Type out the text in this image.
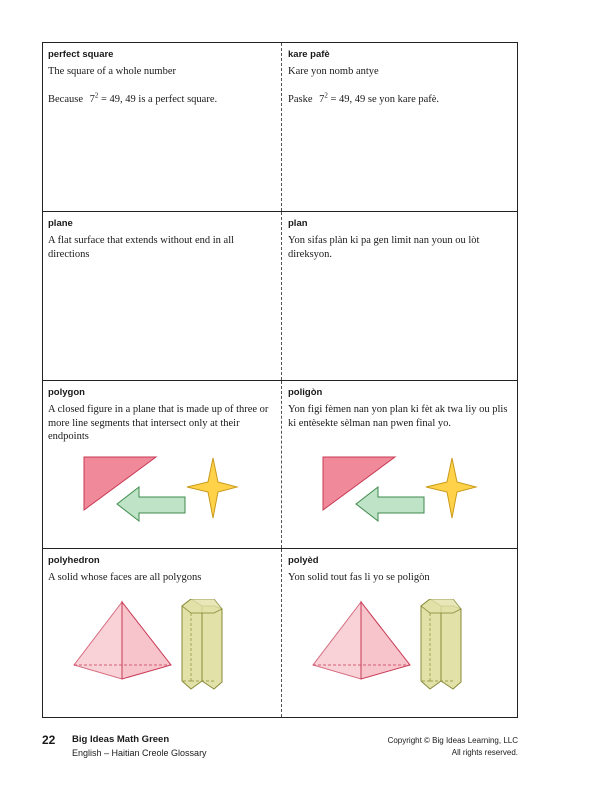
perfect square

The square of a whole number

Because $7^2 = 49$, 49 is a perfect square.

kare pafè

Kare yon nomb antye

Paske $7^2 = 49$, 49 se yon kare pafè.

plane

A flat surface that extends without end in all directions

plan

Yon sifas plàn ki pa gen limit nan youn ou lòt direksyon.

polygon

A closed figure in a plane that is made up of three or more line segments that intersect only at their endpoints

poligòn

Yon figi fèmen nan yon plan ki fèt ak twa liy ou plis ki entèsekte sèlman nan pwen final yo.

polyhedron

A solid whose faces are all polygons

polyèd

Yon solid tout fas li yo se poligòn

22 Big Ideas Math Green
English – Haitian Creole Glossary
Copyright © Big Ideas Learning, LLC
All rights reserved.
